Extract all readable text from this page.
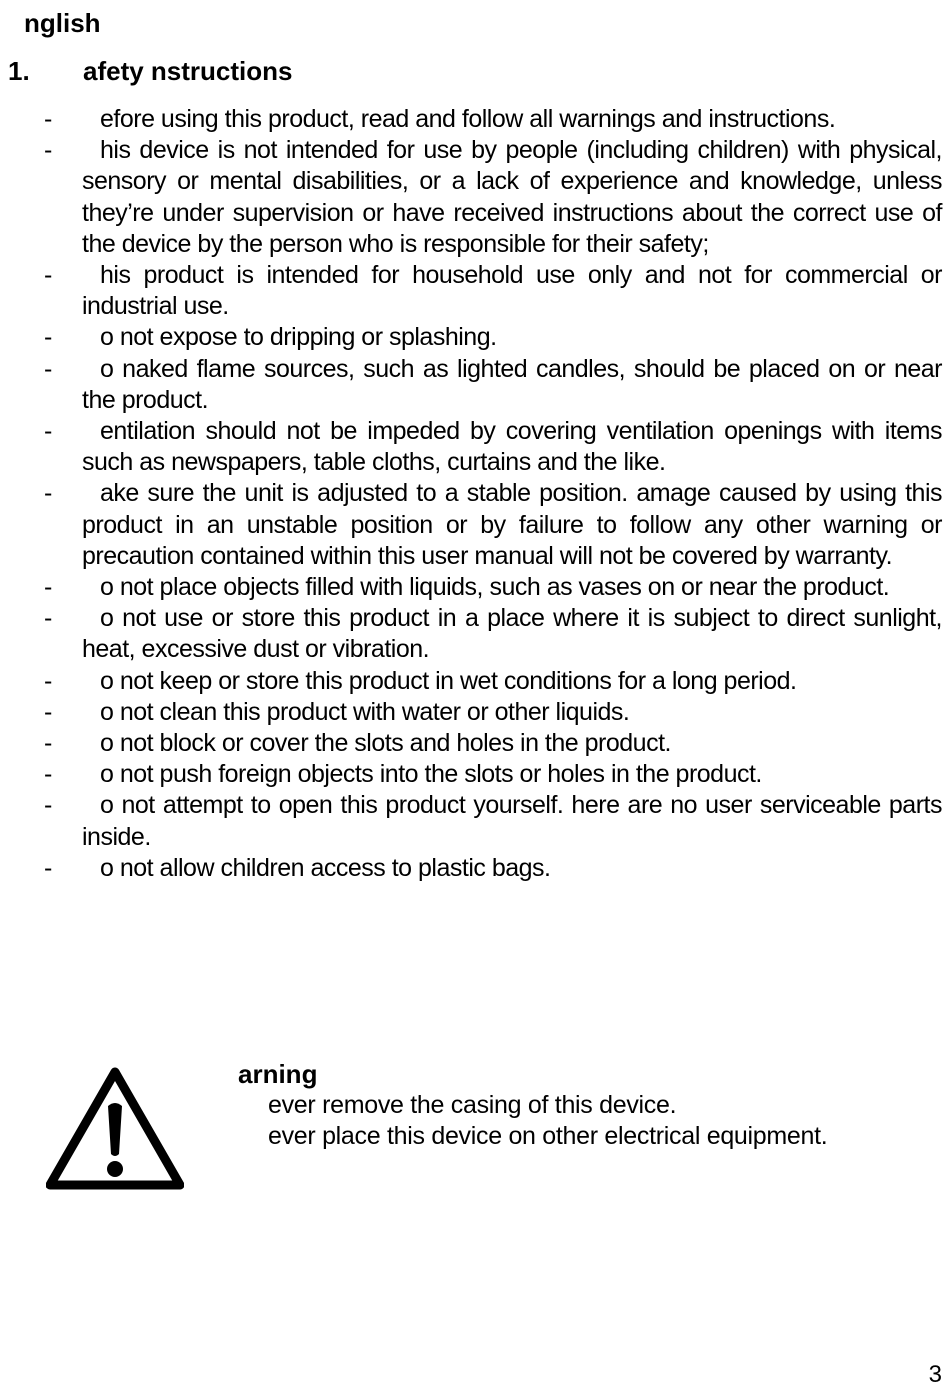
nglish
1.	afety nstructions
-	efore using this product, read and follow all warnings and instructions.
-	his device is not intended for use by people (including children) with physical, sensory or mental disabilities, or a lack of experience and knowledge, unless they’re under supervision or have received instructions about the correct use of the device by the person who is responsible for their safety;
-	his product is intended for household use only and not for commercial or industrial use.
-	o not expose to dripping or splashing.
-	o naked flame sources, such as lighted candles, should be placed on or near the product.
-	entilation should not be impeded by covering ventilation openings with items such as newspapers, table cloths, curtains and the like.
-	ake sure the unit is adjusted to a stable position. amage caused by using this product in an unstable position or by failure to follow any other warning or precaution contained within this user manual will not be covered by warranty.
-	o not place objects filled with liquids, such as vases on or near the product.
-	o not use or store this product in a place where it is subject to direct sunlight, heat, excessive dust or vibration.
-	o not keep or store this product in wet conditions for a long period.
-	o not clean this product with water or other liquids.
-	o not block or cover the slots and holes in the product.
-	o not push foreign objects into the slots or holes in the product.
-	o not attempt to open this product yourself. here are no user serviceable parts inside.
-	o not allow children access to plastic bags.
arning
ever remove the casing of this device.
ever place this device on other electrical equipment.
3
